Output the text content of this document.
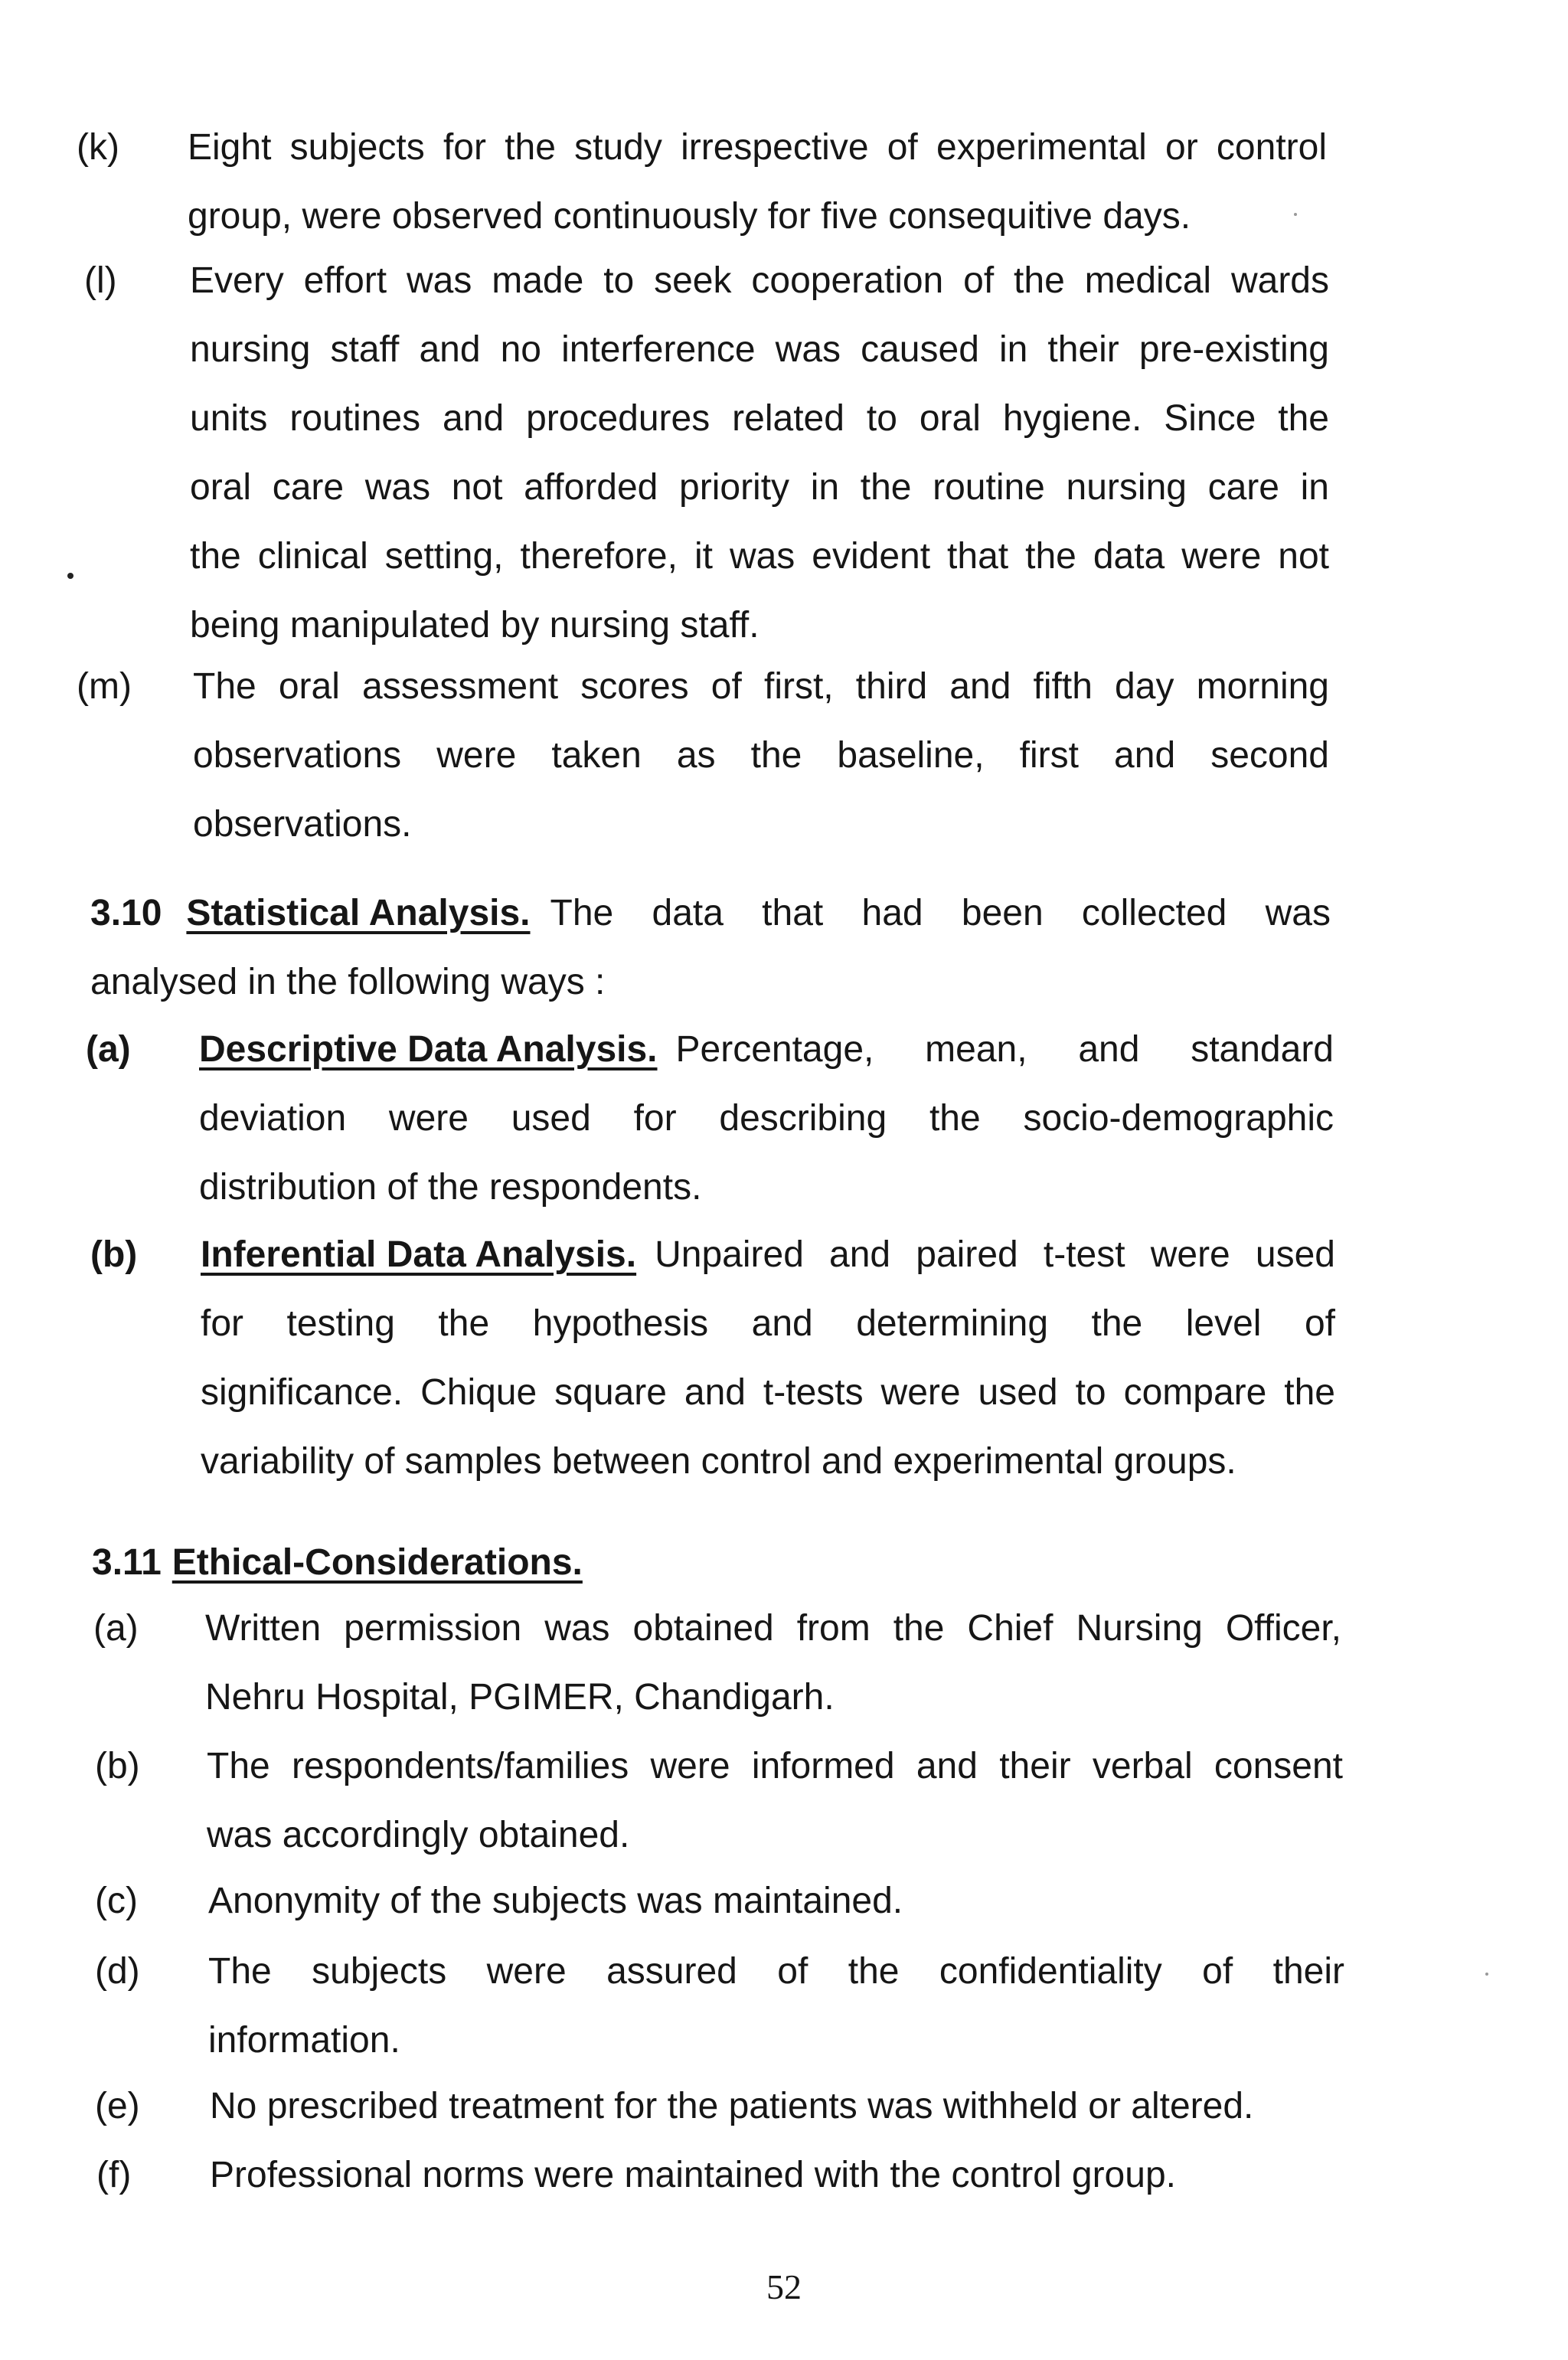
(k) Eight subjects for the study irrespective of experimental or control
group, were observed continuously for five consequitive days.
(l) Every effort was made to seek cooperation of the medical wards
nursing staff and no interference was caused in their pre-existing
units routines and procedures related to oral hygiene. Since the
oral care was not afforded priority in the routine nursing care in
the clinical setting, therefore, it was evident that the data were not
being manipulated by nursing staff.
(m) The oral assessment scores of first, third and fifth day morning
observations were taken as the baseline, first and second
observations.
3.10 Statistical Analysis. The data that had been collected was
analysed in the following ways :
(a) Descriptive Data Analysis. Percentage, mean, and standard
deviation were used for describing the socio-demographic
distribution of the respondents.
(b) Inferential Data Analysis. Unpaired and paired t-test were used
for testing the hypothesis and determining the level of
significance. Chique square and t-tests were used to compare the
variability of samples between control and experimental groups.
3.11 Ethical-Considerations.
(a) Written permission was obtained from the Chief Nursing Officer,
Nehru Hospital, PGIMER, Chandigarh.
(b) The respondents/families were informed and their verbal consent
was accordingly obtained.
(c) Anonymity of the subjects was maintained.
(d) The subjects were assured of the confidentiality of their
information.
(e) No prescribed treatment for the patients was withheld or altered.
(f) Professional norms were maintained with the control group.
52
